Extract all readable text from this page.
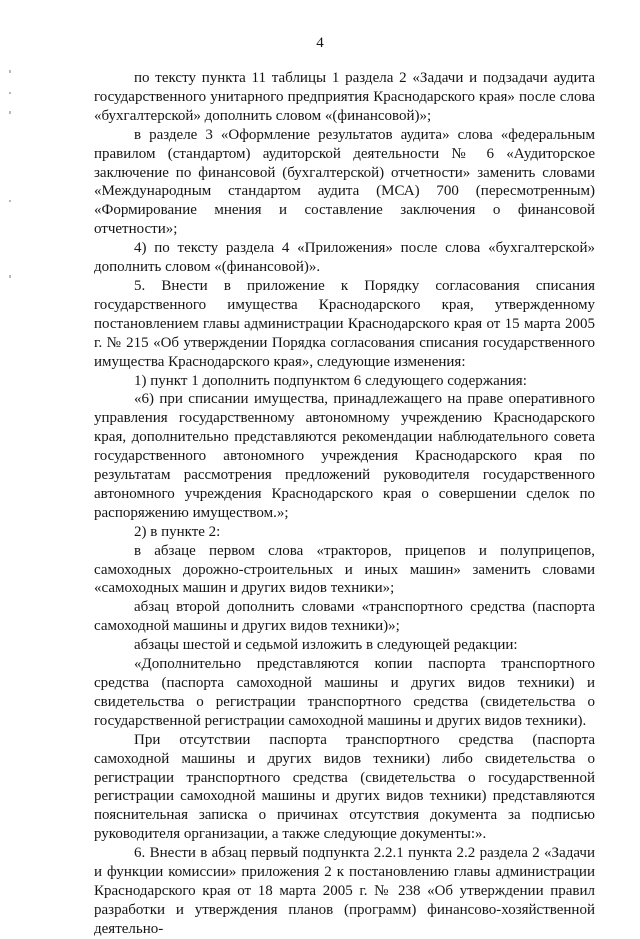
4

по тексту пункта 11 таблицы 1 раздела 2 «Задачи и подзадачи аудита государственного унитарного предприятия Краснодарского края» после слова «бухгалтерской» дополнить словом «(финансовой)»;

в разделе 3 «Оформление результатов аудита» слова «федеральным правилом (стандартом) аудиторской деятельности № 6 «Аудиторское заключение по финансовой (бухгалтерской) отчетности» заменить словами «Международным стандартом аудита (МСА) 700 (пересмотренным) «Формирование мнения и составление заключения о финансовой отчетности»;

4) по тексту раздела 4 «Приложения» после слова «бухгалтерской» дополнить словом «(финансовой)».

5. Внести в приложение к Порядку согласования списания государственного имущества Краснодарского края, утвержденному постановлением главы администрации Краснодарского края от 15 марта 2005 г. № 215 «Об утверждении Порядка согласования списания государственного имущества Краснодарского края», следующие изменения:

1) пункт 1 дополнить подпунктом 6 следующего содержания:

«6) при списании имущества, принадлежащего на праве оперативного управления государственному автономному учреждению Краснодарского края, дополнительно представляются рекомендации наблюдательного совета государственного автономного учреждения Краснодарского края по результатам рассмотрения предложений руководителя государственного автономного учреждения Краснодарского края о совершении сделок по распоряжению имуществом.»;

2) в пункте 2:

в абзаце первом слова «тракторов, прицепов и полуприцепов, самоходных дорожно-строительных и иных машин» заменить словами «самоходных машин и других видов техники»;

абзац второй дополнить словами «транспортного средства (паспорта самоходной машины и других видов техники)»;

абзацы шестой и седьмой изложить в следующей редакции:

«Дополнительно представляются копии паспорта транспортного средства (паспорта самоходной машины и других видов техники) и свидетельства о регистрации транспортного средства (свидетельства о государственной регистрации самоходной машины и других видов техники).

При отсутствии паспорта транспортного средства (паспорта самоходной машины и других видов техники) либо свидетельства о регистрации транспортного средства (свидетельства о государственной регистрации самоходной машины и других видов техники) представляются пояснительная записка о причинах отсутствия документа за подписью руководителя организации, а также следующие документы:».

6. Внести в абзац первый подпункта 2.2.1 пункта 2.2 раздела 2 «Задачи и функции комиссии» приложения 2 к постановлению главы администрации Краснодарского края от 18 марта 2005 г. № 238 «Об утверждении правил разработки и утверждения планов (программ) финансово-хозяйственной деятельно-
